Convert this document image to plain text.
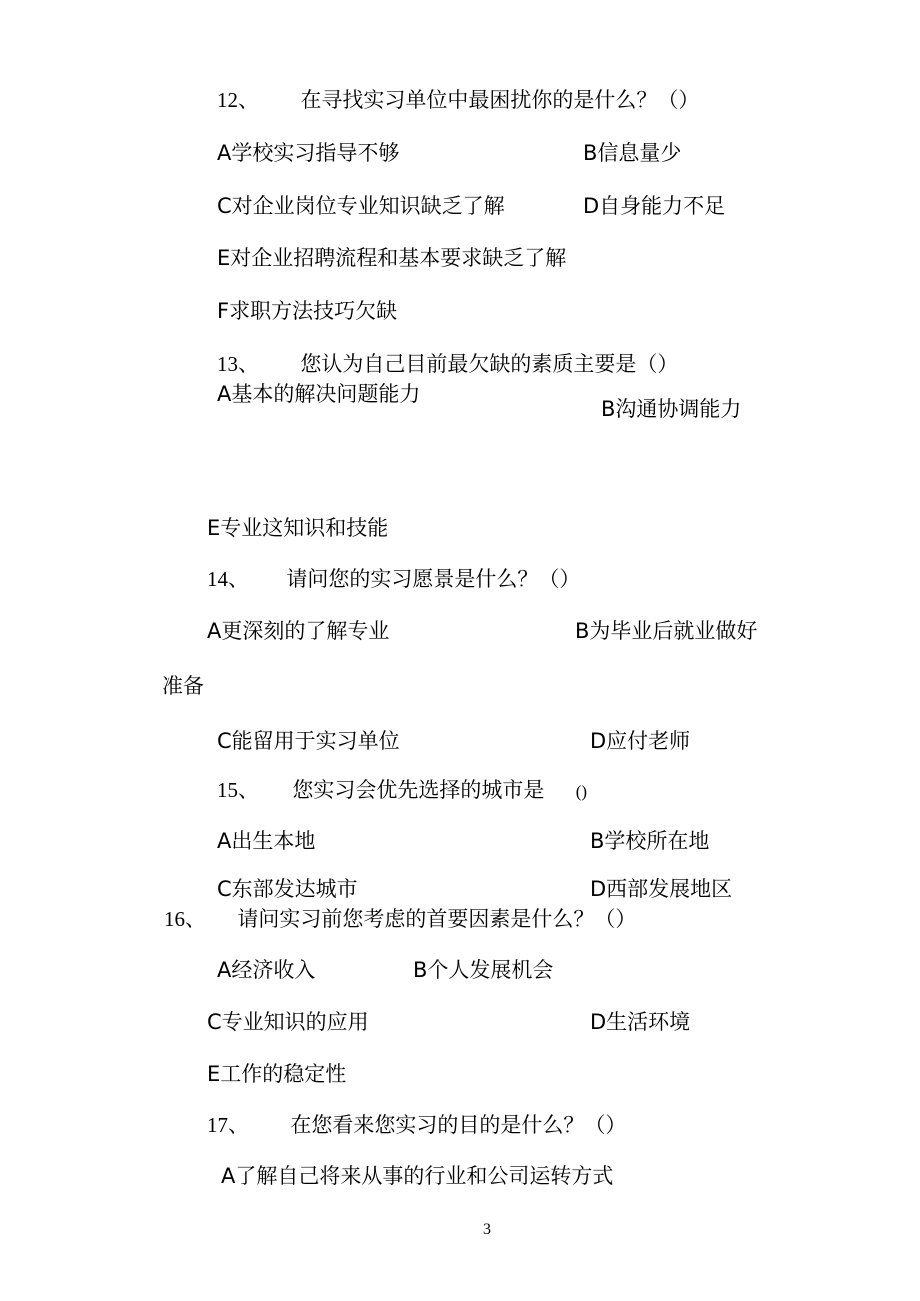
12、 在寻找实习单位中最困扰你的是什么？（）
A学校实习指导不够	B信息量少
C对企业岗位专业知识缺乏了解	D自身能力不足
E对企业招聘流程和基本要求缺乏了解
F求职方法技巧欠缺
13、 您认为自己目前最欠缺的素质主要是（）
A基本的解决问题能力
B沟通协调能力
E专业这知识和技能
14、 请问您的实习愿景是什么？（）
A更深刻的了解专业	B为毕业后就业做好
准备
C能留用于实习单位	D应付老师
15、 您实习会优先选择的城市是 ()
A出生本地	B学校所在地
C东部发达城市	D西部发展地区
16、 请问实习前您考虑的首要因素是什么？（）
A经济收入	B个人发展机会
C专业知识的应用	D生活环境
E工作的稳定性
17、 在您看来您实习的目的是什么？（）
A了解自己将来从事的行业和公司运转方式
3
